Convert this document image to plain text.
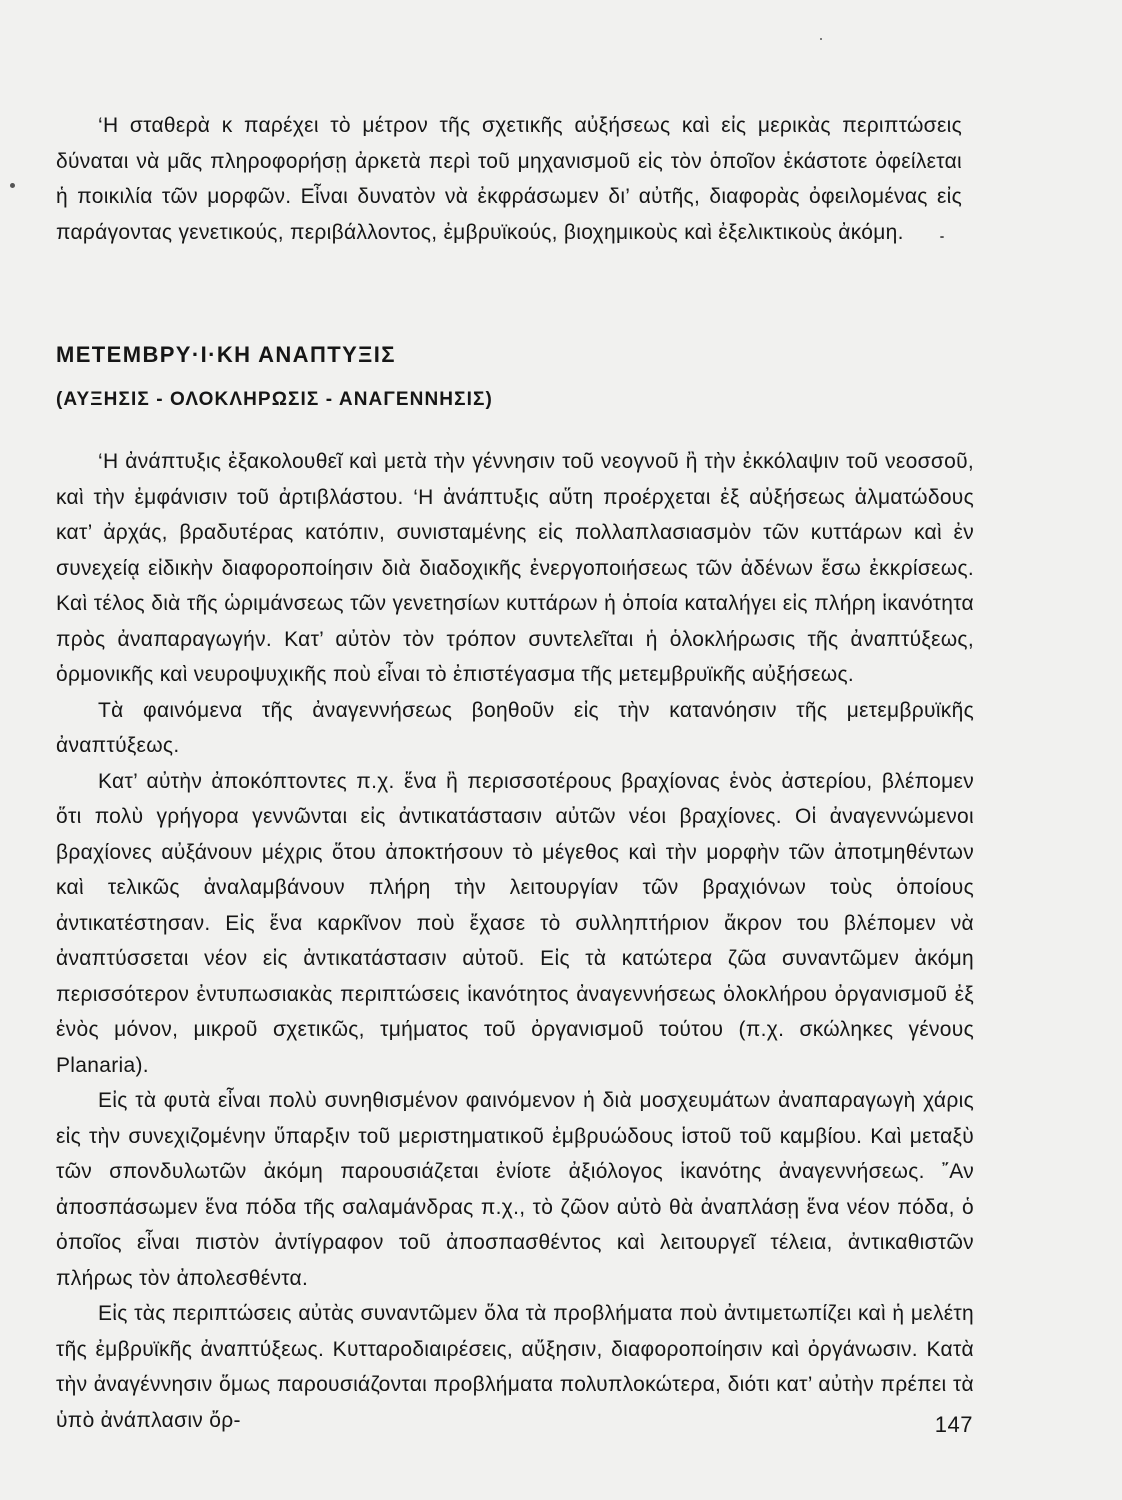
‘Η σταθερὰ κ παρέχει τὸ μέτρον τῆς σχετικῆς αὐξήσεως καὶ εἰς μερικὰς περιπτώσεις δύναται νὰ μᾶς πληροφορήσῃ ἀρκετὰ περὶ τοῦ μηχανισμοῦ εἰς τὸν ὁποῖον ἑκάστοτε ὀφείλεται ἡ ποικιλία τῶν μορφῶν. Εἶναι δυνατὸν νὰ ἐκφράσωμεν δι’ αὐτῆς, διαφορὰς ὀφειλομένας εἰς παράγοντας γενετικούς, περιβάλλοντος, ἐμβρυϊκούς, βιοχημικοὺς καὶ ἐξελικτικοὺς ἀκόμη.

ΜΕΤΕΜΒΡΥ·Ι·ΚΗ ΑΝΑΠΤΥΞΙΣ
(ΑΥΞΗΣΙΣ - ΟΛΟΚΛΗΡΩΣΙΣ - ΑΝΑΓΕΝΝΗΣΙΣ)

‘Η ἀνάπτυξις ἐξακολουθεῖ καὶ μετὰ τὴν γέννησιν τοῦ νεογνοῦ ἢ τὴν ἐκκόλαψιν τοῦ νεοσσοῦ, καὶ τὴν ἐμφάνισιν τοῦ ἀρτιβλάστου. ‘Η ἀνάπτυξις αὕτη προέρχεται ἐξ αὐξήσεως ἁλματώδους κατ’ ἀρχάς, βραδυτέρας κατόπιν, συνισταμένης εἰς πολλαπλασιασμὸν τῶν κυττάρων καὶ ἐν συνεχείᾳ εἰδικὴν διαφοροποίησιν διὰ διαδοχικῆς ἐνεργοποιήσεως τῶν ἀδένων ἔσω ἐκκρίσεως. Καὶ τέλος διὰ τῆς ὡριμάνσεως τῶν γενετησίων κυττάρων ἡ ὁποία καταλήγει εἰς πλήρη ἱκανότητα πρὸς ἀναπαραγωγήν. Κατ’ αὐτὸν τὸν τρόπον συντελεῖται ἡ ὁλοκλήρωσις τῆς ἀναπτύξεως, ὁρμονικῆς καὶ νευροψυχικῆς ποὺ εἶναι τὸ ἐπιστέγασμα τῆς μετεμβρυϊκῆς αὐξήσεως.

Τὰ φαινόμενα τῆς ἀναγεννήσεως βοηθοῦν εἰς τὴν κατανόησιν τῆς μετεμβρυϊκῆς ἀναπτύξεως.

Κατ’ αὐτὴν ἀποκόπτοντες π.χ. ἕνα ἢ περισσοτέρους βραχίονας ἑνὸς ἀστερίου, βλέπομεν ὅτι πολὺ γρήγορα γεννῶνται εἰς ἀντικατάστασιν αὐτῶν νέοι βραχίονες. Οἱ ἀναγεννώμενοι βραχίονες αὐξάνουν μέχρις ὅτου ἀποκτήσουν τὸ μέγεθος καὶ τὴν μορφὴν τῶν ἀποτμηθέντων καὶ τελικῶς ἀναλαμβάνουν πλήρη τὴν λειτουργίαν τῶν βραχιόνων τοὺς ὁποίους ἀντικατέστησαν. Εἰς ἕνα καρκῖνον ποὺ ἔχασε τὸ συλληπτήριον ἄκρον του βλέπομεν νὰ ἀναπτύσσεται νέον εἰς ἀντικατάστασιν αὐτοῦ. Εἰς τὰ κατώτερα ζῶα συναντῶμεν ἀκόμη περισσότερον ἐντυπωσιακὰς περιπτώσεις ἱκανότητος ἀναγεννήσεως ὁλοκλήρου ὀργανισμοῦ ἐξ ἑνὸς μόνον, μικροῦ σχετικῶς, τμήματος τοῦ ὀργανισμοῦ τούτου (π.χ. σκώληκες γένους Planaria).

Εἰς τὰ φυτὰ εἶναι πολὺ συνηθισμένον φαινόμενον ἡ διὰ μοσχευμάτων ἀναπαραγωγὴ χάρις εἰς τὴν συνεχιζομένην ὕπαρξιν τοῦ μεριστηματικοῦ ἐμβρυώδους ἱστοῦ τοῦ καμβίου. Καὶ μεταξὺ τῶν σπονδυλωτῶν ἀκόμη παρουσιάζεται ἐνίοτε ἀξιόλογος ἱκανότης ἀναγεννήσεως. ῎Αν ἀποσπάσωμεν ἕνα πόδα τῆς σαλαμάνδρας π.χ., τὸ ζῶον αὐτὸ θὰ ἀναπλάσῃ ἕνα νέον πόδα, ὁ ὁποῖος εἶναι πιστὸν ἀντίγραφον τοῦ ἀποσπασθέντος καὶ λειτουργεῖ τέλεια, ἀντικαθιστῶν πλήρως τὸν ἀπολεσθέντα.

Εἰς τὰς περιπτώσεις αὐτὰς συναντῶμεν ὅλα τὰ προβλήματα ποὺ ἀντιμετωπίζει καὶ ἡ μελέτη τῆς ἐμβρυϊκῆς ἀναπτύξεως. Κυτταροδιαιρέσεις, αὔξησιν, διαφοροποίησιν καὶ ὀργάνωσιν. Κατὰ τὴν ἀναγέννησιν ὅμως παρουσιάζονται προβλήματα πολυπλοκώτερα, διότι κατ’ αὐτὴν πρέπει τὰ ὑπὸ ἀνάπλασιν ὄρ-	147
